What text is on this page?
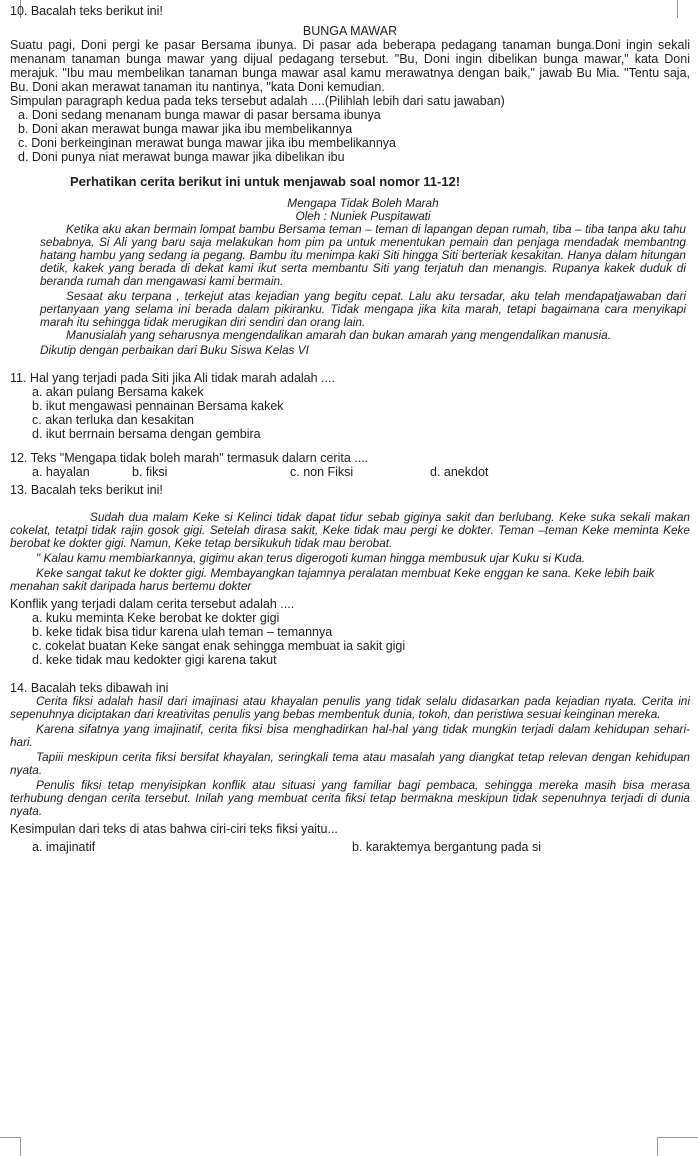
10. Bacalah teks berikut ini!

BUNGA MAWAR

Suatu pagi, Doni pergi ke pasar Bersama ibunya. Di pasar ada beberapa pedagang tanaman bunga.Doni ingin sekali menanam tanaman bunga mawar yang dijual pedagang tersebut. "Bu, Doni ingin dibelikan bunga mawar," kata Doni merajuk. "Ibu mau membelikan tanaman bunga mawar asal kamu merawatnya dengan baik," jawab Bu Mia. "Tentu saja, Bu. Doni akan merawat tanaman itu nantinya, "kata Doni kemudian.

Simpulan paragraph kedua pada teks tersebut adalah ....(Pilihlah lebih dari satu jawaban)

a. Doni sedang menanam bunga mawar di pasar bersama ibunya

b. Doni akan merawat bunga mawar jika ibu membelikannya

c. Doni berkeinginan merawat bunga mawar jika ibu membelikannya

d. Doni punya niat merawat bunga mawar jika dibelikan ibu

Perhatikan cerita berikut ini untuk menjawab soal nomor 11-12!

Mengapa Tidak Boleh Marah

Oleh : Nuniek Puspitawati

Ketika aku akan bermain lompat bambu Bersama teman – teman di lapangan depan rumah, tiba – tiba tanpa aku tahu sebabnya, Si Ali yang baru saja melakukan hom pim pa untuk menentukan pemain dan penjaga mendadak membantng hatang hambu yang sedang ia pegang. Bambu itu menimpa kaki Siti hingga Siti berteriak kesakitan. Hanya dalam hitungan detik, kakek yang berada di dekat kami ikut serta membantu Siti yang terjatuh dan menangis. Rupanya kakek duduk di beranda rumah dan mengawasi kami bermain.

Sesaat aku terpana , terkejut atas kejadian yang begitu cepat. Lalu aku tersadar, aku telah mendapatjawaban dari pertanyaan yang selama ini berada dalam pikiranku. Tidak mengapa jika kita marah, tetapi bagaimana cara menyikapi marah itu sehingga tidak merugikan diri sendiri dan orang lain.

Manusialah yang seharusnya mengendalikan amarah dan bukan amarah yang mengendalikan manusia.

Dikutip dengan perbaikan dari Buku Siswa Kelas VI

11. Hal yang terjadi pada Siti jika Ali tidak marah adalah ....

a. akan pulang Bersama kakek

b. ikut mengawasi pennainan Bersama kakek

c. akan terluka dan kesakitan

d. ikut berrnain bersama dengan gembira

12. Teks "Mengapa tidak boleh marah" termasuk dalarn cerita ....

a. hayalan	b. fiksi	c. non Fiksi	d. anekdot

13. Bacalah teks berikut ini!

Sudah dua malam Keke si Kelinci tidak dapat tidur sebab giginya sakit dan berlubang. Keke suka sekali makan cokelat, tetatpi tidak rajin gosok gigi. Setelah dirasa sakit, Keke tidak mau pergi ke dokter. Teman –teman Keke meminta Keke berobat ke dokter gigi. Namun, Keke tetap bersikukuh tidak mau berobat.

" Kalau kamu membiarkannya, gigimu akan terus digerogoti kuman hingga membusuk ujar Kuku si Kuda.

Keke sangat takut ke dokter gigi. Membayangkan tajamnya peralatan membuat Keke enggan ke sana. Keke lebih baik menahan sakit daripada harus bertemu dokter

Konflik yang terjadi dalam cerita tersebut adalah ....

a. kuku meminta Keke berobat ke dokter gigi

b. keke tidak bisa tidur karena ulah teman – temannya

c. cokelat buatan Keke sangat enak sehingga membuat ia sakit gigi

d. keke tidak mau kedokter gigi karena takut

14. Bacalah teks dibawah ini

Cerita fiksi adalah hasil dari imajinasi atau khayalan penulis yang tidak selalu didasarkan pada kejadian nyata. Cerita ini sepenuhnya diciptakan dari kreativitas penulis yang bebas membentuk dunia, tokoh, dan peristiwa sesuai keinginan mereka.

Karena sifatnya yang imajinatif, cerita fiksi bisa menghadirkan hal-hal yang tidak mungkin terjadi dalam kehidupan sehari-hari.

Tapiii meskipun cerita fiksi bersifat khayalan, seringkali tema atau masalah yang diangkat tetap relevan dengan kehidupan nyata.

Penulis fiksi tetap menyisipkan konflik atau situasi yang familiar bagi pembaca, sehingga mereka masih bisa merasa terhubung dengan cerita tersebut. Inilah yang membuat cerita fiksi tetap bermakna meskipun tidak sepenuhnya terjadi di dunia nyata.

Kesimpulan dari teks di atas bahwa ciri-ciri teks fiksi yaitu...

a. imajinatif	b. karaktemya bergantung pada si
